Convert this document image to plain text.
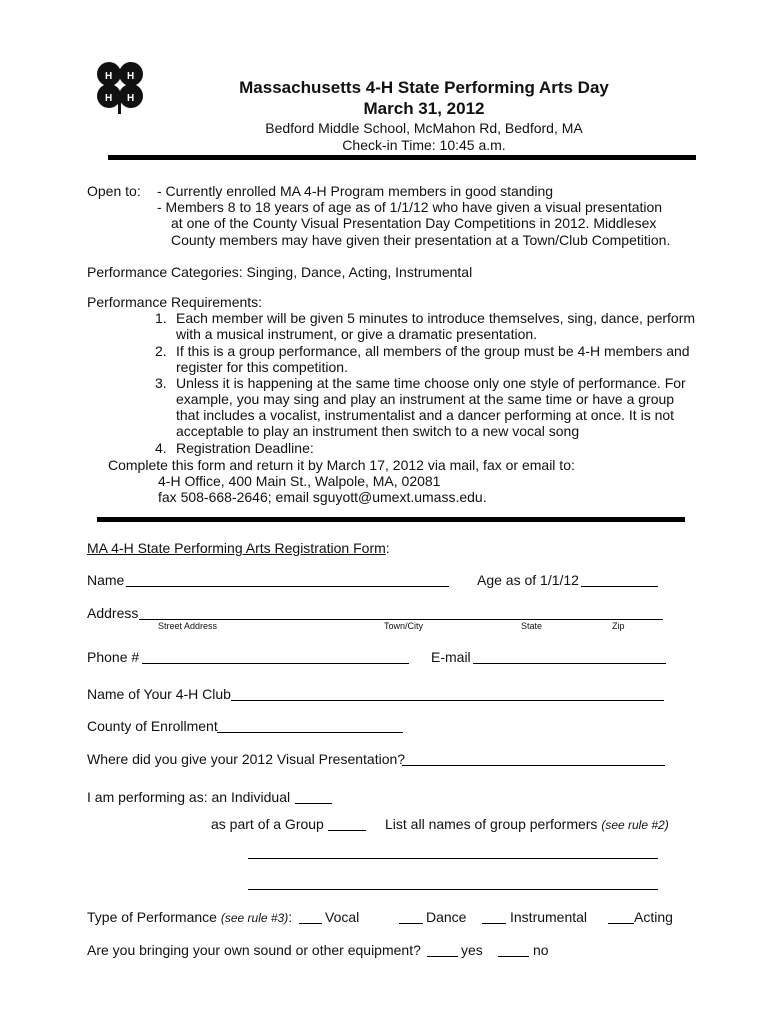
H H
H H
Massachusetts 4-H State Performing Arts Day
March 31, 2012
Bedford Middle School, McMahon Rd, Bedford, MA
Check-in Time: 10:45 a.m.
Open to: - Currently enrolled MA 4-H Program members in good standing
- Members 8 to 18 years of age as of 1/1/12 who have given a visual presentation
at one of the County Visual Presentation Day Competitions in 2012. Middlesex
County members may have given their presentation at a Town/Club Competition.
Performance Categories: Singing, Dance, Acting, Instrumental
Performance Requirements:
1. Each member will be given 5 minutes to introduce themselves, sing, dance, perform
with a musical instrument, or give a dramatic presentation.
2. If this is a group performance, all members of the group must be 4-H members and
register for this competition.
3. Unless it is happening at the same time choose only one style of performance. For
example, you may sing and play an instrument at the same time or have a group
that includes a vocalist, instrumentalist and a dancer performing at once. It is not
acceptable to play an instrument then switch to a new vocal song
4. Registration Deadline:
Complete this form and return it by March 17, 2012 via mail, fax or email to:
4-H Office, 400 Main St., Walpole, MA, 02081
fax 508-668-2646; email sguyott@umext.umass.edu.
MA 4-H State Performing Arts Registration Form:
Name	Age as of 1/1/12
Address
Street Address	Town/City	State	Zip
Phone #	E-mail
Name of Your 4-H Club
County of Enrollment
Where did you give your 2012 Visual Presentation?
I am performing as: an Individual
as part of a Group	List all names of group performers (see rule #2)
Type of Performance (see rule #3): Vocal	Dance	Instrumental	Acting
Are you bringing your own sound or other equipment?	yes	no
